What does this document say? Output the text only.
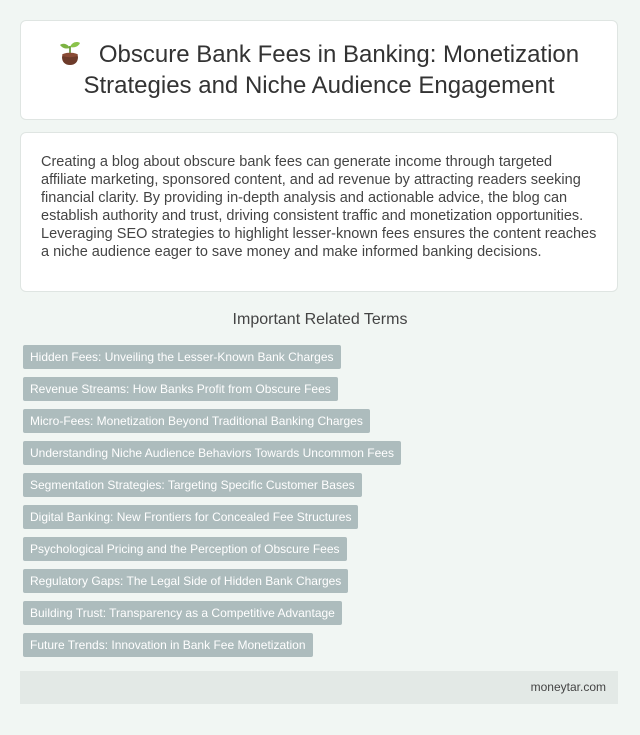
Obscure Bank Fees in Banking: Monetization Strategies and Niche Audience Engagement

Creating a blog about obscure bank fees can generate income through targeted affiliate marketing, sponsored content, and ad revenue by attracting readers seeking financial clarity. By providing in-depth analysis and actionable advice, the blog can establish authority and trust, driving consistent traffic and monetization opportunities. Leveraging SEO strategies to highlight lesser-known fees ensures the content reaches a niche audience eager to save money and make informed banking decisions.

Important Related Terms
Hidden Fees: Unveiling the Lesser-Known Bank Charges
Revenue Streams: How Banks Profit from Obscure Fees
Micro-Fees: Monetization Beyond Traditional Banking Charges
Understanding Niche Audience Behaviors Towards Uncommon Fees
Segmentation Strategies: Targeting Specific Customer Bases
Digital Banking: New Frontiers for Concealed Fee Structures
Psychological Pricing and the Perception of Obscure Fees
Regulatory Gaps: The Legal Side of Hidden Bank Charges
Building Trust: Transparency as a Competitive Advantage
Future Trends: Innovation in Bank Fee Monetization
moneytar.com
